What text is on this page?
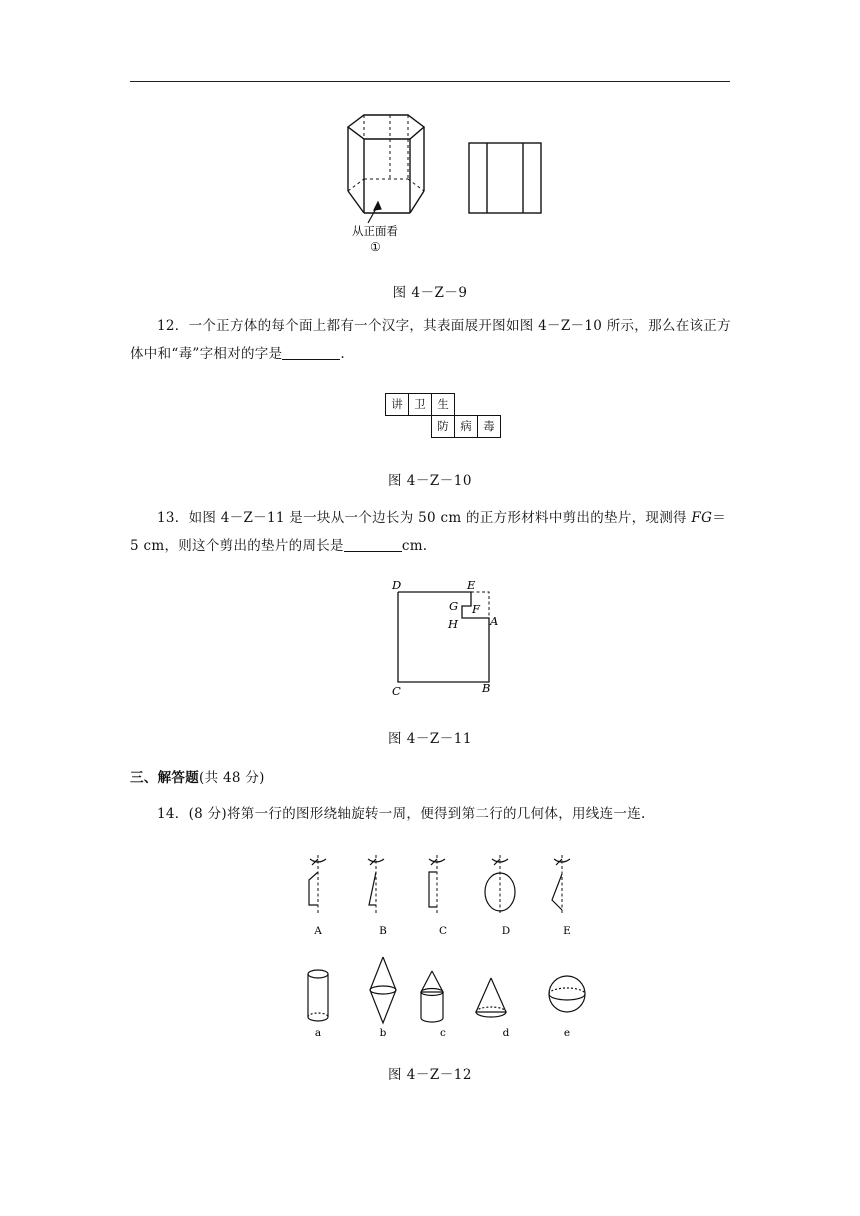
从正面看
①
图 4－Z－9

12．一个正方体的每个面上都有一个汉字，其表面展开图如图 4－Z－10 所示，那么在该正方体中和“毒”字相对的字是	.

讲	卫	生
防	病	毒
图 4－Z－10

13．如图 4－Z－11 是一块从一个边长为 50 cm 的正方形材料中剪出的垫片，现测得 FG＝5 cm，则这个剪出的垫片的周长是	cm.

D	E
G F
H	A
C	B
图 4－Z－11
三、解答题(共 48 分)

14．(8 分)将第一行的图形绕轴旋转一周，便得到第二行的几何体，用线连一连.

A	B	C	D	E
a	b	c	d	e
图 4－Z－12
